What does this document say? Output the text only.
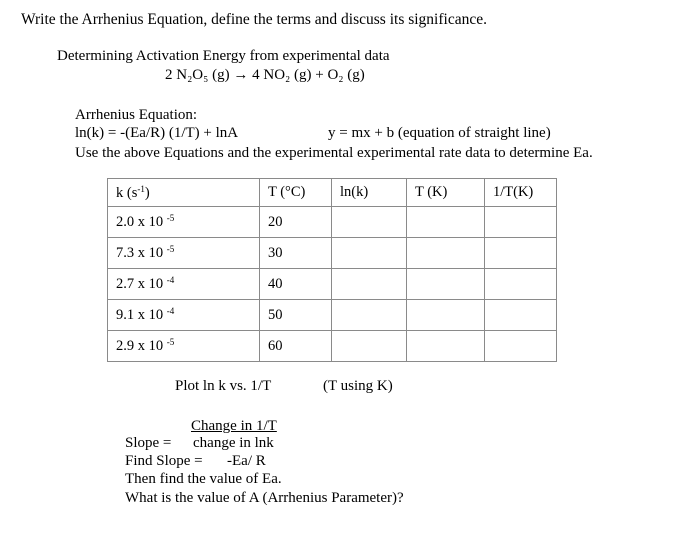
Write the Arrhenius Equation, define the terms and discuss its significance.
Determining Activation Energy from experimental data
2 N₂O₅ (g) → 4 NO₂ (g) + O₂ (g)
Arrhenius Equation:
ln(k) = -(Ea/R) (1/T) + lnA	y = mx + b (equation of straight line)
Use the above Equations and the experimental experimental rate data to determine Ea.
k $(s^{-1})$	T (°C)	ln(k)	T (K)	1/T(K)
2.0 x 10 $^{-5}$	20			
7.3 x 10 $^{-5}$	30			
2.7 x 10 $^{-4}$	40			
9.1 x 10 $^{-4}$	50			
2.9 x 10 $^{-5}$	60			
Plot ln k vs. 1/T	(T using K)
Change in 1/T
Slope = change in lnk
Find Slope = -Ea/ R
Then find the value of Ea.
What is the value of A (Arrhenius Parameter)?
